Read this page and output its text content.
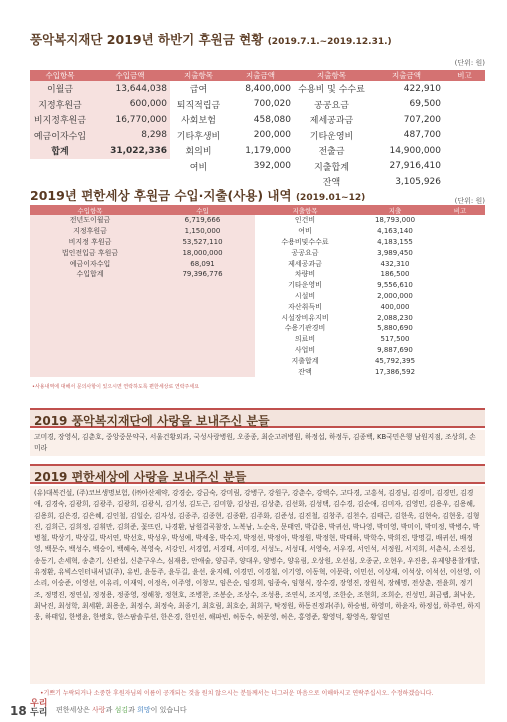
풍악복지재단 2019년 하반기 후원금 현황 (2019.7.1.~2019.12.31.)
(단위: 원)
수입항목	수입금액	지출항목	지출금액	지출항목	지출금액	비고
이월금	13,644,038	급여	8,400,000	수용비 및 수수료	422,910	
지정후원금	600,000	퇴직적립금	700,020	공공요금	69,500	
비지정후원금	16,770,000	사회보험	458,080	제세공과금	707,200	
예금이자수입	8,298	기타후생비	200,000	기타운영비	487,700	
합계	31,022,336	회의비	1,179,000	전출금	14,900,000	
		여비	392,000	지출합계	27,916,410	
				잔액	3,105,926	
2019년 편한세상 후원금 수입·지출(사용) 내역 (2019.01~12)	(단위: 원)
수입항목	수입	지출항목	지출	비고
전년도이월금	6,719,666	인건비	18,793,000	
지정후원금	1,150,000	여비	4,163,140	
비지정 후원금	53,527,110	수용비및수수료	4,183,155	
법인전입금 후원금	18,000,000	공공요금	3,989,450	
예금이자수입	68,091	제세공과금	432,310	
수입합계	79,396,776	차량비	186,500	
		기타운영비	9,556,610	
		시설비	2,000,000	
		자산취득비	400,000	
		시설장비유지비	2,088,230	
		수용기관경비	5,880,690	
		의료비	517,500	
		사업비	9,887,690	
		지출합계	45,792,395	
		잔액	17,386,592	
•사용내역에 대해서 문의사항이 있으시면 연락하도록 편한세상로 연락주세요
2019 풍악복지재단에 사랑을 보내주신 분들
고미경, 장영식, 김춘호, 중앙중문약국, 서울건황외과, 국성사랑병원, 오종종, 최순고려병원, 하정섭, 하정두, 김종백, KB국민은행 남원지점, 조상희, 손미라
2019 편한세상에 사랑을 보내주신 분들
(유)대복건설, (주)코브생명보험, (㈜아산제약, 강경순, 강금숙, 강미림, 강병구, 강원구, 강춘수, 강택수, 고다경, 고흥석, 김경님, 김경미, 김경민, 김경애, 김경숙, 김광희, 김광주, 김광희, 김광식, 김기성, 김도근, 김미향, 김상권, 김상춘, 김선화, 김성택, 김수경, 김순애, 김미자, 김영민, 김용우, 김용해, 김용희, 김은경, 김은혜, 김인철, 김일순, 김자성, 김종주, 김종현, 김종환, 김주화, 김준성, 김진철, 김창주, 김천수, 김태근, 김한욱, 김현숙, 김현웅, 김형진, 김희근, 김희정, 김휘만, 김희준, 꽃뜨린, 나경환, 남원결곡참장, 노복남, 노순옥, 문태연, 박갑용, 박귀선, 박나영, 박미영, 박미이, 박미정, 박병수, 박병철, 박상기, 박상길, 박서연, 박선호, 박성우, 박성예, 박세웅, 박수지, 박정선, 박정아, 박정원, 박정현, 박태하, 박학수, 박희진, 방명길, 배귀선, 배정영, 백문수, 백성수, 백승이, 백혜숙, 복영숙, 서강인, 서경엽, 서경태, 서미경, 서성노, 서성대, 서영숙, 서우경, 서인석, 서정원, 서지희, 서춘식, 소진섭, 송동기, 손세혁, 송춘기, 신관섭, 신춘구우스, 심재용, 안애술, 양금주, 양대우, 양병수, 양유림, 오상원, 오선심, 오종균, 오현우, 우진용, 유제양용찰개발, 유정환, 유빅스인터내셔널(주), 유빈, 윤동주, 윤두길, 윤선, 윤지혜, 이경민, 이경철, 이기영, 이동혁, 이문락, 이민선, 이상재, 이석상, 이석선, 이선영, 이소리, 이승준, 이영선, 이유리, 이재익, 이정옥, 이주영, 이창모, 임은순, 임경희, 임종숙, 임형식, 장수경, 장영진, 장원석, 장해명, 전상춘, 전윤희, 정기조, 정명진, 정연실, 정정용, 정종영, 정해창, 정현호, 조병찬, 조봉순, 조상수, 조성용, 조연식, 조지영, 조한순, 조현희, 조희순, 진성민, 최금랩, 최낙운, 최낙진, 최성학, 최세환, 최용운, 최정수, 최정숙, 최종기, 최호림, 최호순, 최희구, 탁정원, 하동진정과(주), 하승범, 하영미, 하윤자, 하정섭, 하주연, 하지웅, 하태일, 한병윤, 한병호, 한스팜솔루션, 한은경, 한인선, 해파빈, 허동수, 허문영, 허은, 홍영준, 황영덕, 황영옥, 황일연
•기쁘기 누락되거나 소중한 후원자님의 이름이 공개되는 것을 원치 않으시는 분들께서는 너그러운 마음으로 이해하시고 연락주십시오. 수정하겠습니다.
18 우리
두리 편한세상은 사랑과 섬김과 희망이 있습니다
